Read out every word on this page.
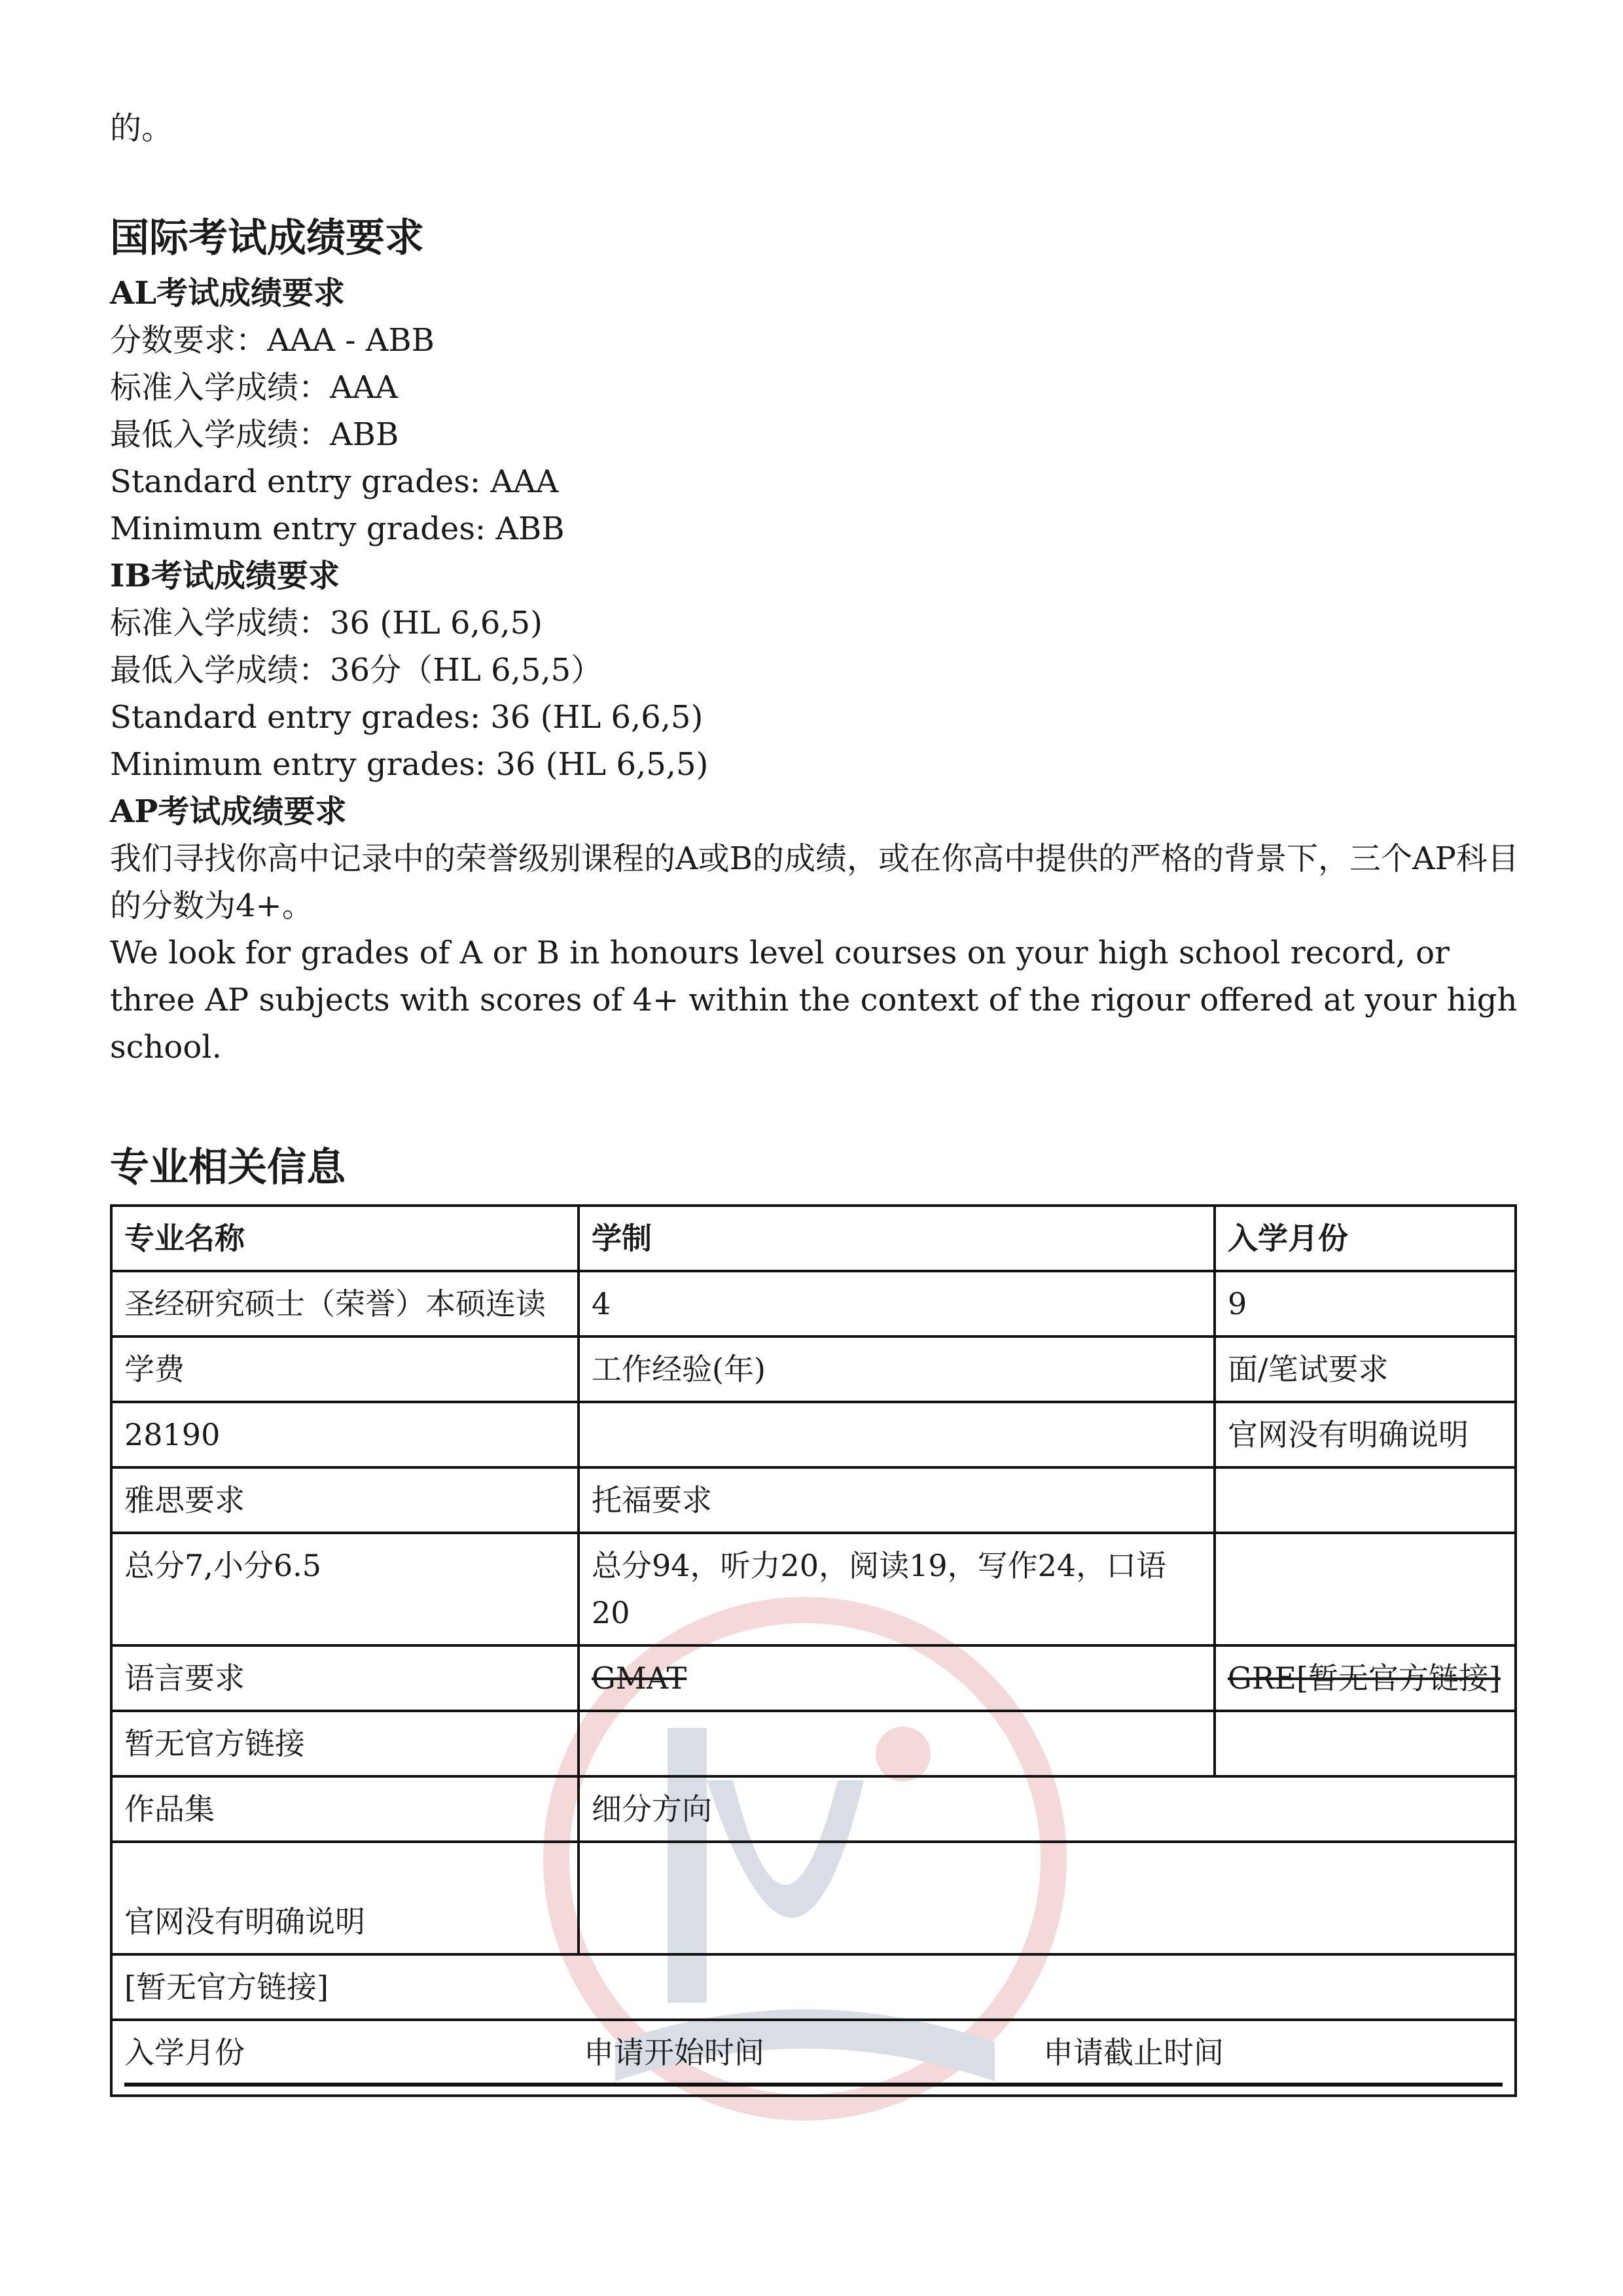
的。

国际考试成绩要求
AL考试成绩要求

分数要求：AAA - ABB

标准入学成绩：AAA

最低入学成绩：ABB

Standard entry grades: AAA

Minimum entry grades: ABB

IB考试成绩要求

标准入学成绩：36 (HL 6,6,5)

最低入学成绩：36分（HL 6,5,5）

Standard entry grades: 36 (HL 6,6,5)

Minimum entry grades: 36 (HL 6,5,5)

AP考试成绩要求

我们寻找你高中记录中的荣誉级别课程的A或B的成绩，或在你高中提供的严格的背景下，三个AP科目的分数为4+。

We look for grades of A or B in honours level courses on your high school record, or three AP subjects with scores of 4+ within the context of the rigour offered at your high school.

专业相关信息
专业名称	学制	入学月份
圣经研究硕士（荣誉）本硕连读	4	9
学费	工作经验(年)	面/笔试要求
28190		官网没有明确说明
雅思要求	托福要求	
总分7,小分6.5	总分94，听力20，阅读19，写作24，口语20	
语言要求	GMAT	GRE[暂无官方链接]
暂无官方链接		
作品集	细分方向	

官网没有明确说明		
[暂无官方链接]		

入学月份 申请开始时间 申请截止时间		
